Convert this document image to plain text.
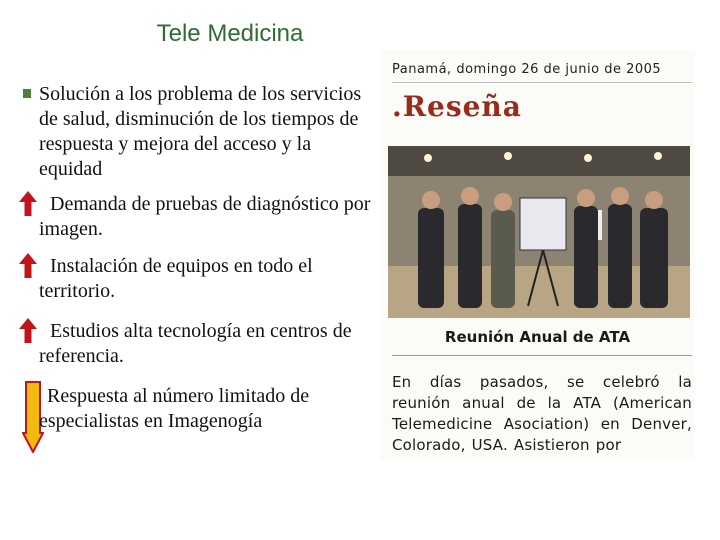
Tele Medicina
Solución a los problema de los servicios de salud, disminución de los tiempos de respuesta y mejora del acceso y la equidad
Demanda de pruebas de diagnóstico por imagen.
Instalación de equipos en todo el territorio.
Estudios alta tecnología en centros de referencia.
Respuesta al número limitado de especialistas en Imagenogía
Panamá, domingo 26 de junio de 2005
.Reseña
Reunión Anual de ATA
En días pasados, se celebró la reunión anual de la ATA (American Telemedicine Asociation) en Denver, Colorado, USA. Asistieron por
